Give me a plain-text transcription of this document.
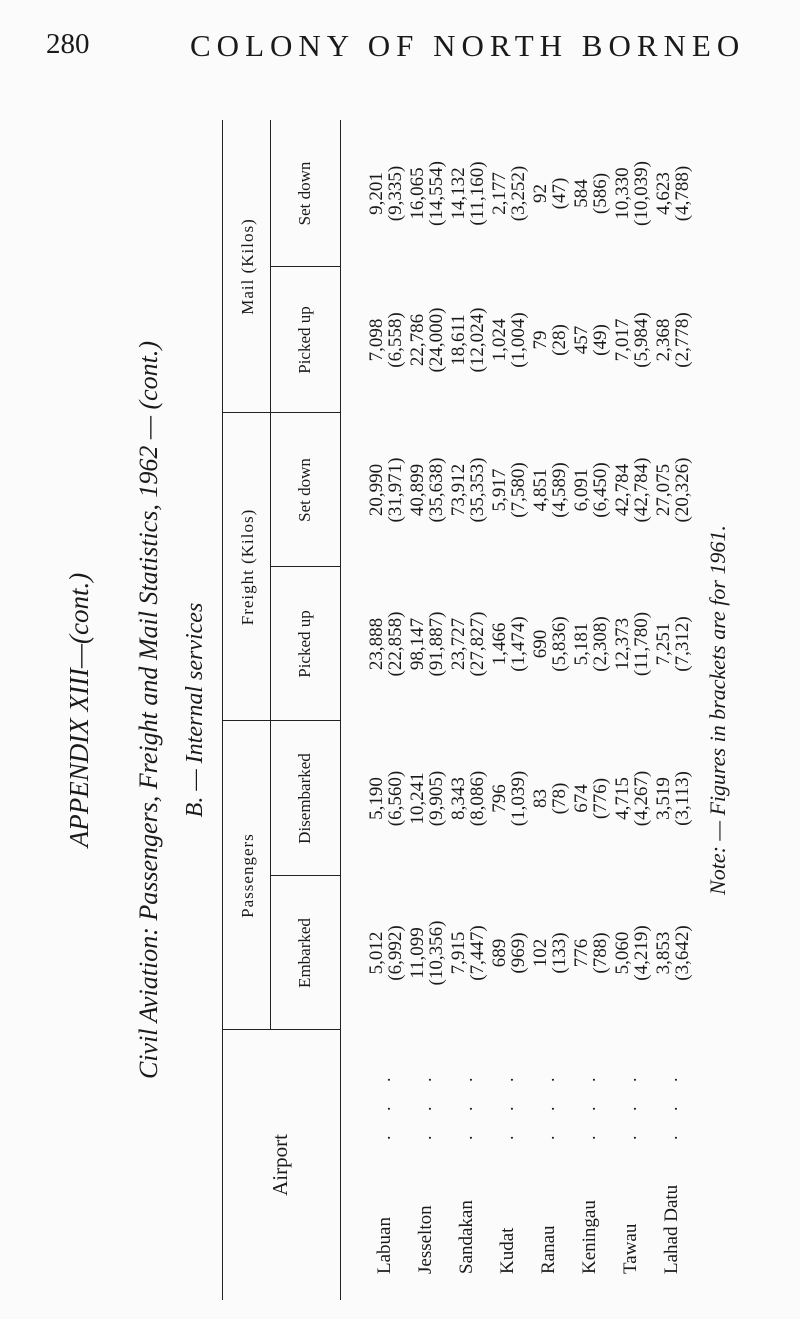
280	COLONY OF NORTH BORNEO
APPENDIX XIII—(cont.) Civil Aviation: Passengers, Freight and Mail Statistics, 1962 — (cont.) B. — Internal services
Airport
Passengers
Freight (Kilos)
Mail (Kilos)
Embarked
Disembarked
Picked up
Set down
Picked up
Set down
Labuan
. . .
5,012
(6,992)
5,190
(6,560)
23,888
(22,858)
20,990
(31,971)
7,098
(6,558)
9,201
(9,335)
Jesselton
. . .
11,099
(10,356)
10,241
(9,905)
98,147
(91,887)
40,899
(35,638)
22,786
(24,000)
16,065
(14,554)
Sandakan
. . .
7,915
(7,447)
8,343
(8,086)
23,727
(27,827)
73,912
(35,353)
18,611
(12,024)
14,132
(11,160)
Kudat
. . .
689
(969)
796
(1,039)
1,466
(1,474)
5,917
(7,580)
1,024
(1,004)
2,177
(3,252)
Ranau
. . .
102
(133)
83
(78)
690
(5,836)
4,851
(4,589)
79
(28)
92
(47)
Keningau
. . .
776
(788)
674
(776)
5,181
(2,308)
6,091
(6,450)
457
(49)
584
(586)
Tawau
. . .
5,060
(4,219)
4,715
(4,267)
12,373
(11,780)
42,784
(42,784)
7,017
(5,984)
10,330
(10,039)
Lahad Datu
. . .
3,853
(3,642)
3,519
(3,113)
7,251
(7,312)
27,075
(20,326)
2,368
(2,778)
4,623
(4,788)
Note: — Figures in brackets are for 1961.
